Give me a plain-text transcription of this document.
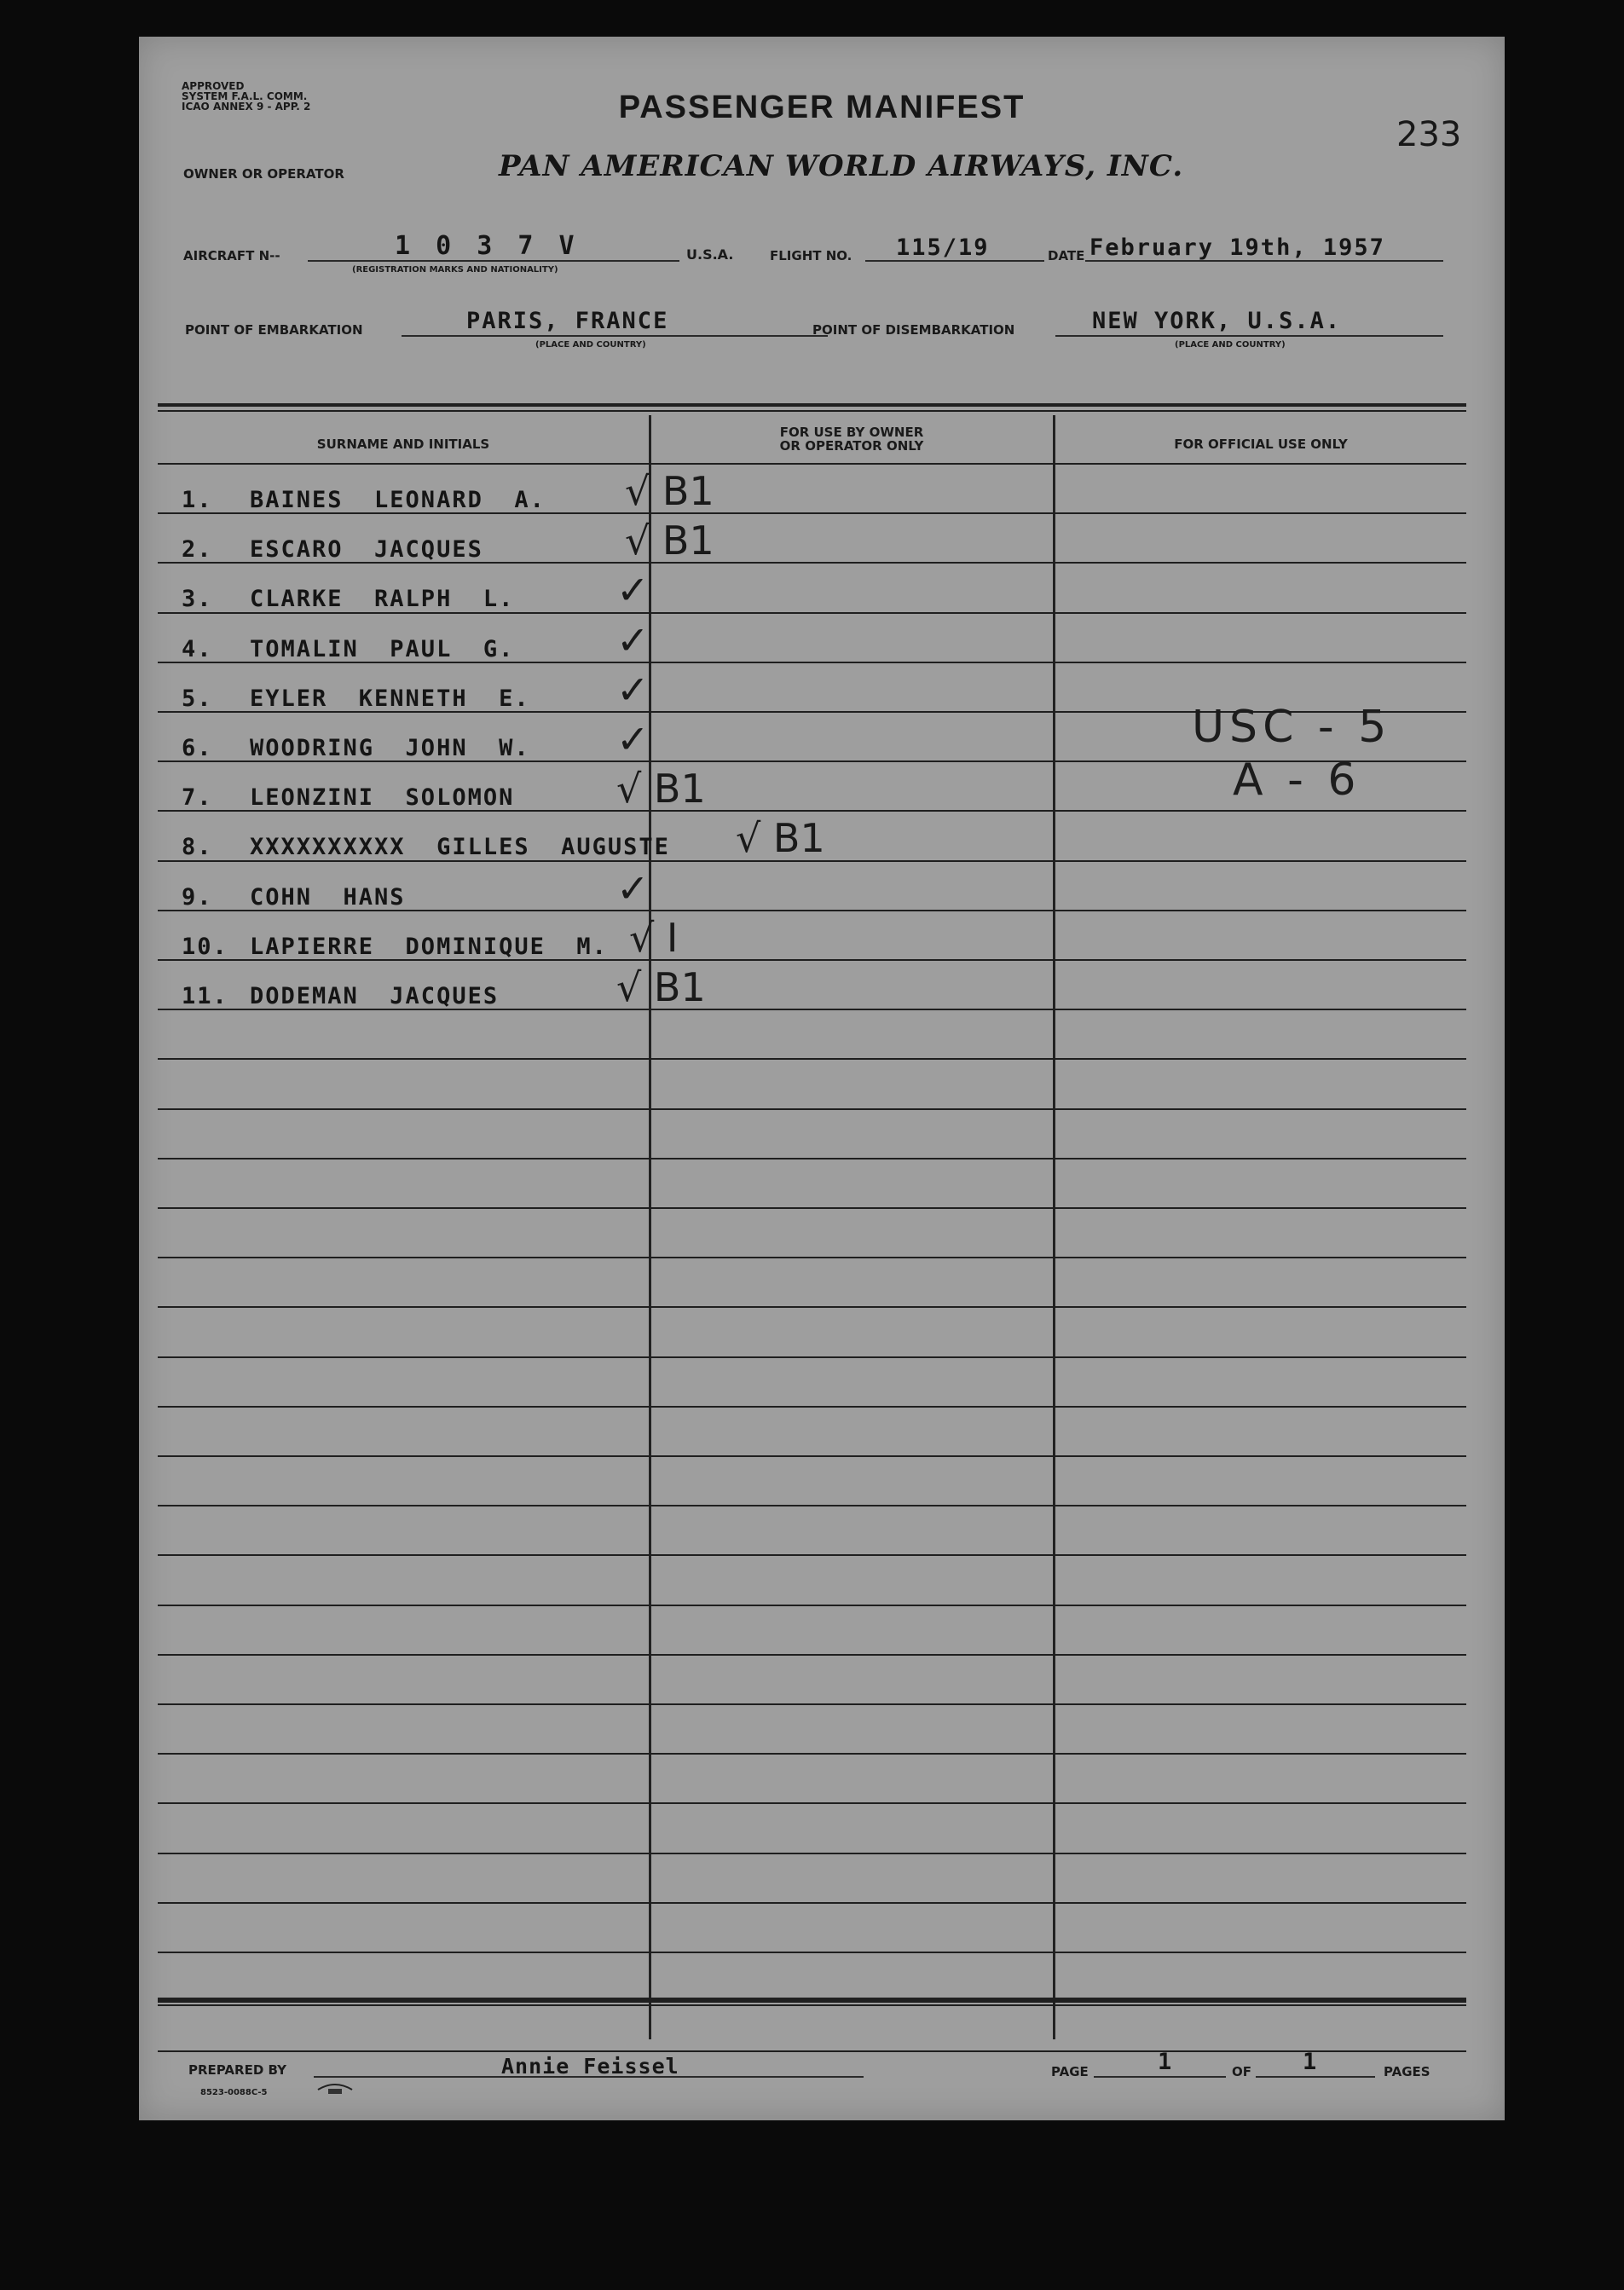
APPROVED
SYSTEM F.A.L. COMM.
ICAO ANNEX 9 - APP. 2	PASSENGER MANIFEST
233
OWNER OR OPERATOR	PAN AMERICAN WORLD AIRWAYS, INC.
AIRCRAFT N--	1 0 3 7 V
(REGISTRATION MARKS AND NATIONALITY)
U.S.A.	FLIGHT NO. 115/19	DATE February 19th, 1957
POINT OF EMBARKATION	PARIS, FRANCE
(PLACE AND COUNTRY)
POINT OF DISEMBARKATION	NEW YORK, U.S.A.
(PLACE AND COUNTRY)
SURNAME AND INITIALS
FOR USE BY OWNER
OR OPERATOR ONLY	FOR OFFICIAL USE ONLY
1. BAINES  LEONARD  A. √ B1
2. ESCARO  JACQUES	√ B1
3. CLARKE  RALPH  L.	✓
4. TOMALIN  PAUL  G.	✓
5. EYLER  KENNETH  E. ✓
6. WOODRING  JOHN  W. ✓
7. LEONZINI  SOLOMON	√ B1
8. XXXXXXXXXX  GILLES  AUGUSTE √ B1
9. COHN  HANS	✓
10. LAPIERRE  DOMINIQUE  M. √ I
11. DODEMAN  JACQUES	√ B1
USC - 5
A - 6
PREPARED BY	Annie Feissel
8523-0088C-5
PAGE	1	OF 1	PAGES
